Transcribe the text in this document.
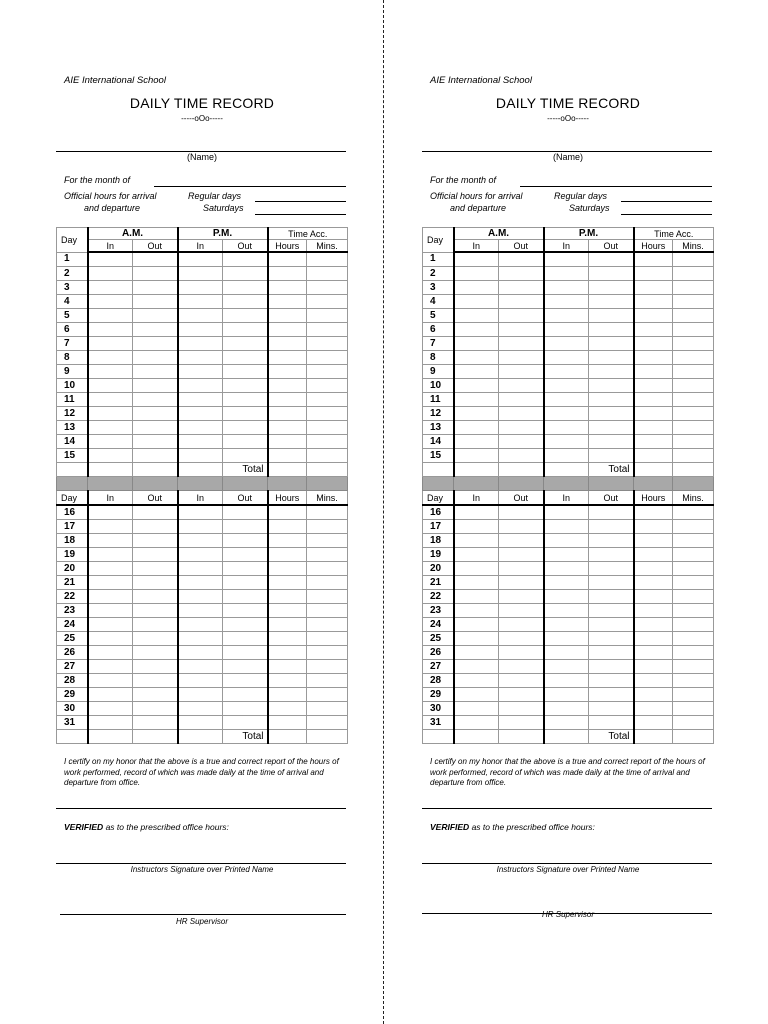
AIE International School
DAILY TIME RECORD
-----oOo-----
(Name)
For the month of
Official hours for arrival
and departure
Regular days
Saturdays
Day	A.M.		P.M.		Time Acc.	
	In	Out	In	Out	Hours	Mins.
1						
2						
3						
4						
5						
6						
7						
8						
9						
10						
11						
12						
13						
14						
15						
				Total		

Day	In	Out	In	Out	Hours	Mins.
16						
17						
18						
19						
20						
21						
22						
23						
24						
25						
26						
27						
28						
29						
30						
31						
				Total		
I certify on my honor that the above is a true and correct report of the hours of work performed, record of which was made daily at the time of arrival and departure from office.
VERIFIED as to the prescribed office hours:
Instructors Signature over Printed Name
HR Supervisor
AIE International School
DAILY TIME RECORD
-----oOo-----
(Name)
For the month of
Official hours for arrival
and departure
Regular days
Saturdays
Day	A.M.		P.M.		Time Acc.	
	In	Out	In	Out	Hours	Mins.
1						
2						
3						
4						
5						
6						
7						
8						
9						
10						
11						
12						
13						
14						
15						
				Total		

Day	In	Out	In	Out	Hours	Mins.
16						
17						
18						
19						
20						
21						
22						
23						
24						
25						
26						
27						
28						
29						
30						
31						
				Total		
I certify on my honor that the above is a true and correct report of the hours of work performed, record of which was made daily at the time of arrival and departure from office.
VERIFIED as to the prescribed office hours:
Instructors Signature over Printed Name
HR Supervisor
